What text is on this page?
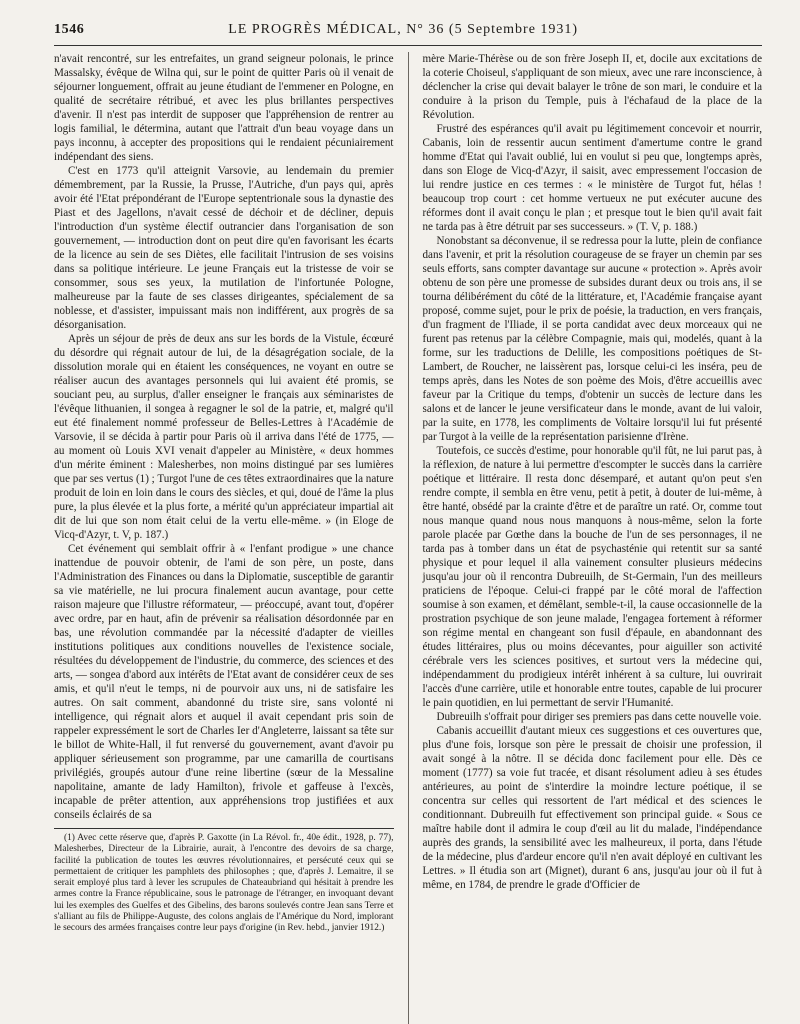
1546	LE PROGRÈS MÉDICAL, N° 36 (5 Septembre 1931)

n'avait rencontré, sur les entrefaites, un grand seigneur polonais, le prince Massalsky, évêque de Wilna qui, sur le point de quitter Paris où il venait de séjourner longuement, offrait au jeune étudiant de l'emmener en Pologne, en qualité de secrétaire rétribué, et avec les plus brillantes perspectives d'avenir. Il n'est pas interdit de supposer que l'appréhension de rentrer au logis familial, le détermina, autant que l'attrait d'un beau voyage dans un pays inconnu, à accepter des propositions qui le rendaient pécuniairement indépendant des siens.

C'est en 1773 qu'il atteignit Varsovie, au lendemain du premier démembrement, par la Russie, la Prusse, l'Autriche, d'un pays qui, après avoir été l'Etat prépondérant de l'Europe septentrionale sous la dynastie des Piast et des Jagellons, n'avait cessé de déchoir et de décliner, depuis l'introduction d'un système électif outrancier dans l'organisation de son gouvernement, — introduction dont on peut dire qu'en favorisant les écarts de la licence au sein de ses Diètes, elle facilitait l'intrusion de ses voisins dans sa politique intérieure. Le jeune Français eut la tristesse de voir se consommer, sous ses yeux, la mutilation de l'infortunée Pologne, malheureuse par la faute de ses classes dirigeantes, spécialement de sa noblesse, et d'assister, impuissant mais non indifférent, aux progrès de sa désorganisation.

Après un séjour de près de deux ans sur les bords de la Vistule, écœuré du désordre qui régnait autour de lui, de la désagrégation sociale, de la dissolution morale qui en étaient les conséquences, ne voyant en outre se réaliser aucun des avantages personnels qui lui avaient été promis, se souciant peu, au surplus, d'aller enseigner le français aux séminaristes de l'évêque lithuanien, il songea à regagner le sol de la patrie, et, malgré qu'il eut été finalement nommé professeur de Belles-Lettres à l'Académie de Varsovie, il se décida à partir pour Paris où il arriva dans l'été de 1775, — au moment où Louis XVI venait d'appeler au Ministère, « deux hommes d'un mérite éminent : Malesherbes, non moins distingué par ses lumières que par ses vertus (1) ; Turgot l'une de ces têtes extraordinaires que la nature produit de loin en loin dans le cours des siècles, et qui, doué de l'âme la plus pure, la plus élevée et la plus forte, a mérité qu'un appréciateur impartial ait dit de lui que son nom était celui de la vertu elle-même. » (in Eloge de Vicq-d'Azyr, t. V, p. 187.)

Cet événement qui semblait offrir à « l'enfant prodigue » une chance inattendue de pouvoir obtenir, de l'ami de son père, un poste, dans l'Administration des Finances ou dans la Diplomatie, susceptible de garantir sa vie matérielle, ne lui procura finalement aucun avantage, pour cette raison majeure que l'illustre réformateur, — préoccupé, avant tout, d'opérer avec ordre, par en haut, afin de prévenir sa réalisation désordonnée par en bas, une révolution commandée par la nécessité d'adapter de vieilles institutions politiques aux conditions nouvelles de l'existence sociale, résultées du développement de l'industrie, du commerce, des sciences et des arts, — songea d'abord aux intérêts de l'Etat avant de considérer ceux de ses amis, et qu'il n'eut le temps, ni de pourvoir aux uns, ni de satisfaire les autres. On sait comment, abandonné du triste sire, sans volonté ni intelligence, qui régnait alors et auquel il avait cependant pris soin de rappeler expressément le sort de Charles Ier d'Angleterre, laissant sa tête sur le billot de White-Hall, il fut renversé du gouvernement, avant d'avoir pu appliquer sérieusement son programme, par une camarilla de courtisans privilégiés, groupés autour d'une reine libertine (sœur de la Messaline napolitaine, amante de lady Hamilton), frivole et gaffeuse à l'excès, incapable de prêter attention, aux appréhensions trop justifiées et aux conseils éclairés de sa

(1) Avec cette réserve que, d'après P. Gaxotte (in La Révol. fr., 40e édit., 1928, p. 77), Malesherbes, Directeur de la Librairie, aurait, à l'encontre des devoirs de sa charge, facilité la publication de toutes les œuvres révolutionnaires, et persécuté ceux qui se permettaient de critiquer les pamphlets des philosophes ; que, d'après J. Lemaitre, il se serait employé plus tard à lever les scrupules de Chateaubriand qui hésitait à prendre les armes contre la France républicaine, sous le patronage de l'étranger, en invoquant devant lui les exemples des Guelfes et des Gibelins, des barons soulevés contre Jean sans Terre et s'alliant au fils de Philippe-Auguste, des colons anglais de l'Amérique du Nord, implorant le secours des armées françaises contre leur pays d'origine (in Rev. hebd., janvier 1912.)

mère Marie-Thérèse ou de son frère Joseph II, et, docile aux excitations de la coterie Choiseul, s'appliquant de son mieux, avec une rare inconscience, à déclencher la crise qui devait balayer le trône de son mari, le conduire et la conduire à la prison du Temple, puis à l'échafaud de la place de la Révolution.

Frustré des espérances qu'il avait pu légitimement concevoir et nourrir, Cabanis, loin de ressentir aucun sentiment d'amertume contre le grand homme d'Etat qui l'avait oublié, lui en voulut si peu que, longtemps après, dans son Eloge de Vicq-d'Azyr, il saisit, avec empressement l'occasion de lui rendre justice en ces termes : « le ministère de Turgot fut, hélas ! beaucoup trop court : cet homme vertueux ne put exécuter aucune des réformes dont il avait conçu le plan ; et presque tout le bien qu'il avait fait ne tarda pas à être détruit par ses successeurs. » (T. V, p. 188.)

Nonobstant sa déconvenue, il se redressa pour la lutte, plein de confiance dans l'avenir, et prit la résolution courageuse de se frayer un chemin par ses seuls efforts, sans compter davantage sur aucune « protection ». Après avoir obtenu de son père une promesse de subsides durant deux ou trois ans, il se tourna délibérément du côté de la littérature, et, l'Académie française ayant proposé, comme sujet, pour le prix de poésie, la traduction, en vers français, d'un fragment de l'Iliade, il se porta candidat avec deux morceaux qui ne furent pas retenus par la célèbre Compagnie, mais qui, modelés, quant à la forme, sur les traductions de Delille, les compositions poétiques de St-Lambert, de Roucher, ne laissèrent pas, lorsque celui-ci les inséra, peu de temps après, dans les Notes de son poème des Mois, d'être accueillis avec faveur par la Critique du temps, d'obtenir un succès de lecture dans les salons et de lancer le jeune versificateur dans le monde, avant de lui valoir, par la suite, en 1778, les compliments de Voltaire lorsqu'il lui fut présenté par Turgot à la veille de la représentation parisienne d'Irène.

Toutefois, ce succès d'estime, pour honorable qu'il fût, ne lui parut pas, à la réflexion, de nature à lui permettre d'escompter le succès dans la carrière poétique et littéraire. Il resta donc désemparé, et autant qu'on peut s'en rendre compte, il sembla en être venu, petit à petit, à douter de lui-même, à être hanté, obsédé par la crainte d'être et de paraître un raté. Or, comme tout nous manque quand nous nous manquons à nous-même, selon la forte parole placée par Gœthe dans la bouche de l'un de ses personnages, il ne tarda pas à tomber dans un état de psychasténie qui retentit sur sa santé physique et pour lequel il alla vainement consulter plusieurs médecins jusqu'au jour où il rencontra Dubreuilh, de St-Germain, l'un des meilleurs praticiens de l'époque. Celui-ci frappé par le côté moral de l'affection soumise à son examen, et démêlant, semble-t-il, la cause occasionnelle de la prostration psychique de son jeune malade, l'engagea fortement à réformer son régime mental en changeant son fusil d'épaule, en abandonnant des études littéraires, plus ou moins décevantes, pour aiguiller son activité cérébrale vers les sciences positives, et surtout vers la médecine qui, indépendamment du prodigieux intérêt inhérent à sa culture, lui ouvrirait l'accès d'une carrière, utile et honorable entre toutes, capable de lui procurer le pain quotidien, en lui permettant de servir l'Humanité.

Dubreuilh s'offrait pour diriger ses premiers pas dans cette nouvelle voie.

Cabanis accueillit d'autant mieux ces suggestions et ces ouvertures que, plus d'une fois, lorsque son père le pressait de choisir une profession, il avait songé à la nôtre. Il se décida donc facilement pour elle. Dès ce moment (1777) sa voie fut tracée, et disant résolument adieu à ses études antérieures, au point de s'interdire la moindre lecture poétique, il se concentra sur celles qui ressortent de l'art médical et des sciences le conditionnant. Dubreuilh fut effectivement son principal guide. « Sous ce maître habile dont il admira le coup d'œil au lit du malade, l'indépendance auprès des grands, la sensibilité avec les malheureux, il porta, dans l'étude de la médecine, plus d'ardeur encore qu'il n'en avait déployé en cultivant les Lettres. » Il étudia son art (Mignet), durant 6 ans, jusqu'au jour où il fut à même, en 1784, de prendre le grade d'Officier de
